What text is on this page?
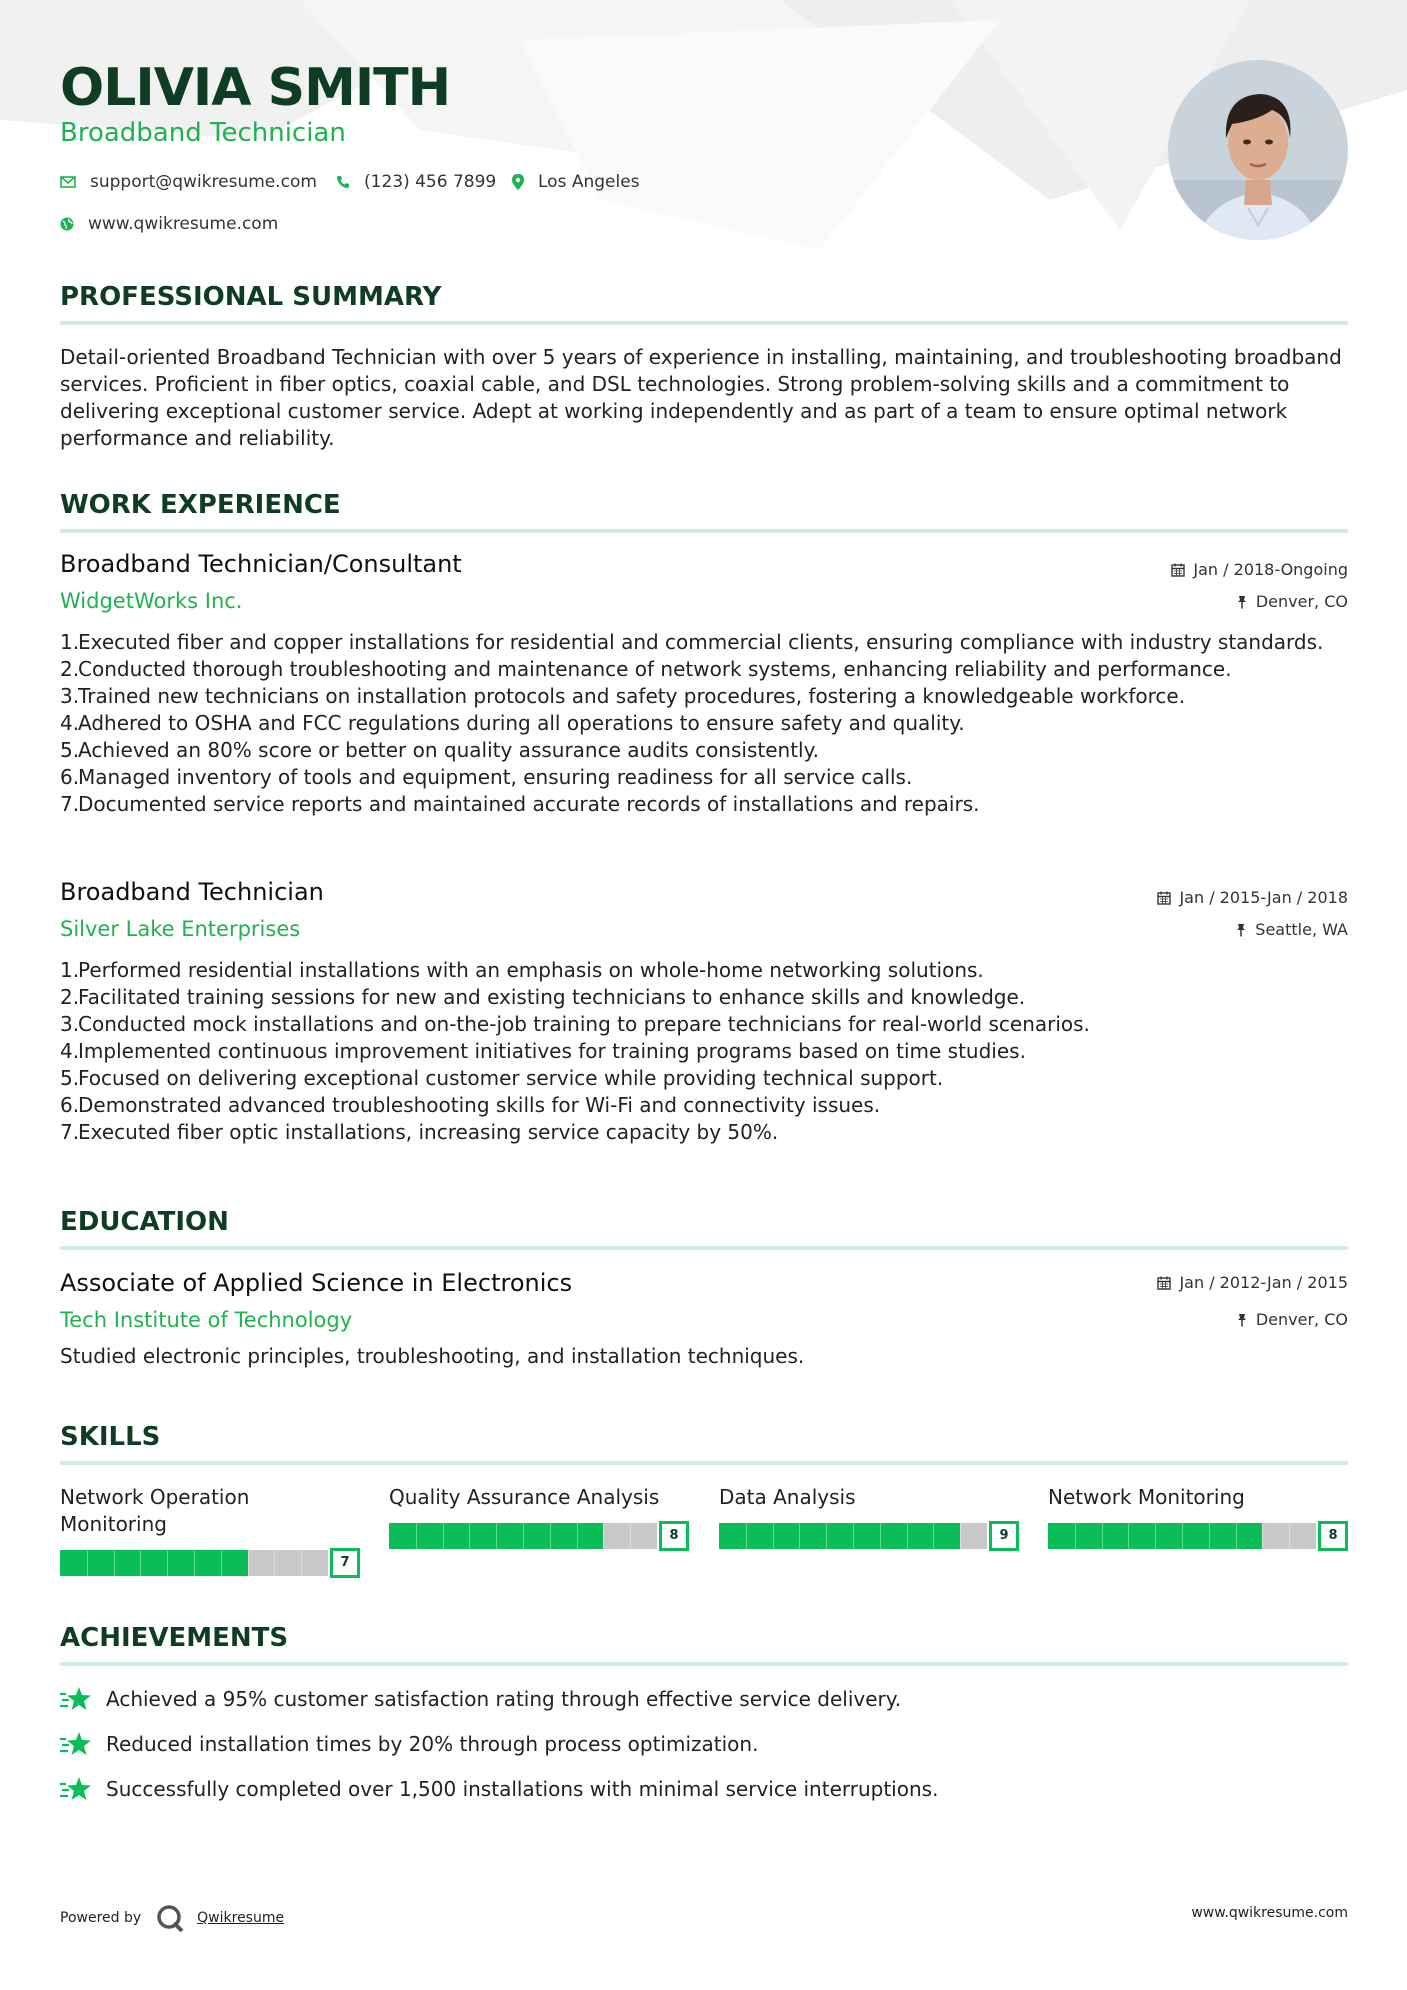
OLIVIA SMITH
Broadband Technician
support@qwikresume.com	(123) 456 7899 Los Angeles
www.qwikresume.com
PROFESSIONAL SUMMARY
Detail-oriented Broadband Technician with over 5 years of experience in installing, maintaining, and troubleshooting broadband services. Proficient in fiber optics, coaxial cable, and DSL technologies. Strong problem-solving skills and a commitment to delivering exceptional customer service. Adept at working independently and as part of a team to ensure optimal network performance and reliability.
WORK EXPERIENCE
Broadband Technician/Consultant
WidgetWorks Inc.
Jan / 2018-Ongoing
Denver, CO
1.
Executed fiber and copper installations for residential and commercial clients, ensuring compliance with industry standards.
2.
Conducted thorough troubleshooting and maintenance of network systems, enhancing reliability and performance.
3.
Trained new technicians on installation protocols and safety procedures, fostering a knowledgeable workforce.
4.
Adhered to OSHA and FCC regulations during all operations to ensure safety and quality.
5.
Achieved an 80% score or better on quality assurance audits consistently.
6.
Managed inventory of tools and equipment, ensuring readiness for all service calls.
7.
Documented service reports and maintained accurate records of installations and repairs.
Broadband Technician
Silver Lake Enterprises
Jan / 2015-Jan / 2018
Seattle, WA
1.
Performed residential installations with an emphasis on whole-home networking solutions.
2.
Facilitated training sessions for new and existing technicians to enhance skills and knowledge.
3.
Conducted mock installations and on-the-job training to prepare technicians for real-world scenarios.
4.
Implemented continuous improvement initiatives for training programs based on time studies.
5.
Focused on delivering exceptional customer service while providing technical support.
6.
Demonstrated advanced troubleshooting skills for Wi-Fi and connectivity issues.
7.
Executed fiber optic installations, increasing service capacity by 50%.
EDUCATION
Associate of Applied Science in Electronics
Tech Institute of Technology
Jan / 2012-Jan / 2015
Denver, CO
Studied electronic principles, troubleshooting, and installation techniques.
SKILLS
Network Operation Monitoring
7
Quality Assurance Analysis
8
Data Analysis
9
Network Monitoring
8
ACHIEVEMENTS
Achieved a 95% customer satisfaction rating through effective service delivery.
Reduced installation times by 20% through process optimization.
Successfully completed over 1,500 installations with minimal service interruptions.
Powered by	Qwikresume	www.qwikresume.com
